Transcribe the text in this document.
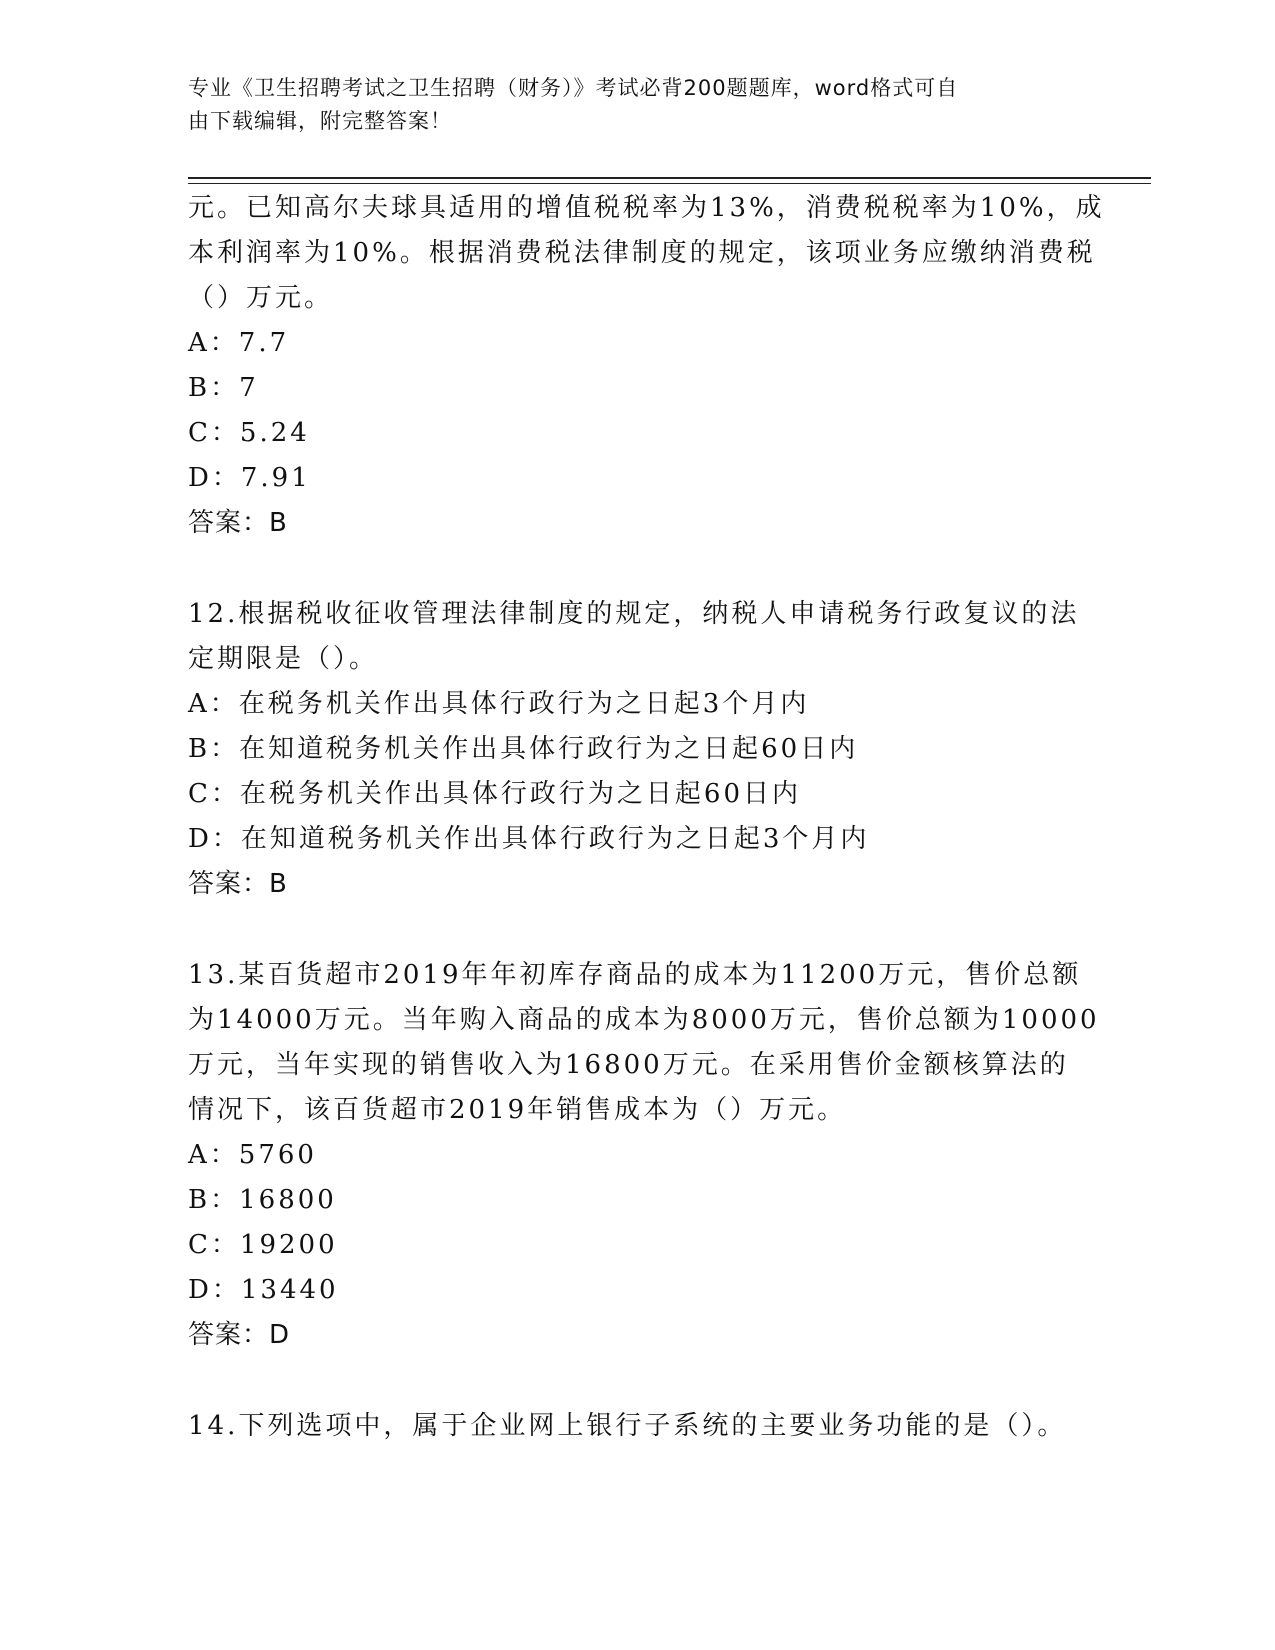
专业《卫生招聘考试之卫生招聘（财务）》考试必背200题题库，word格式可自
由下载编辑，附完整答案！
元。已知高尔夫球具适用的增值税税率为13%，消费税税率为10%，成
本利润率为10%。根据消费税法律制度的规定，该项业务应缴纳消费税
（）万元。
A：7.7
B：7
C：5.24
D：7.91
答案：B
12.根据税收征收管理法律制度的规定，纳税人申请税务行政复议的法
定期限是（）。
A：在税务机关作出具体行政行为之日起3个月内
B：在知道税务机关作出具体行政行为之日起60日内
C：在税务机关作出具体行政行为之日起60日内
D：在知道税务机关作出具体行政行为之日起3个月内
答案：B
13.某百货超市2019年年初库存商品的成本为11200万元，售价总额
为14000万元。当年购入商品的成本为8000万元，售价总额为10000
万元，当年实现的销售收入为16800万元。在采用售价金额核算法的
情况下，该百货超市2019年销售成本为（）万元。
A：5760
B：16800
C：19200
D：13440
答案：D
14.下列选项中，属于企业网上银行子系统的主要业务功能的是（）。
